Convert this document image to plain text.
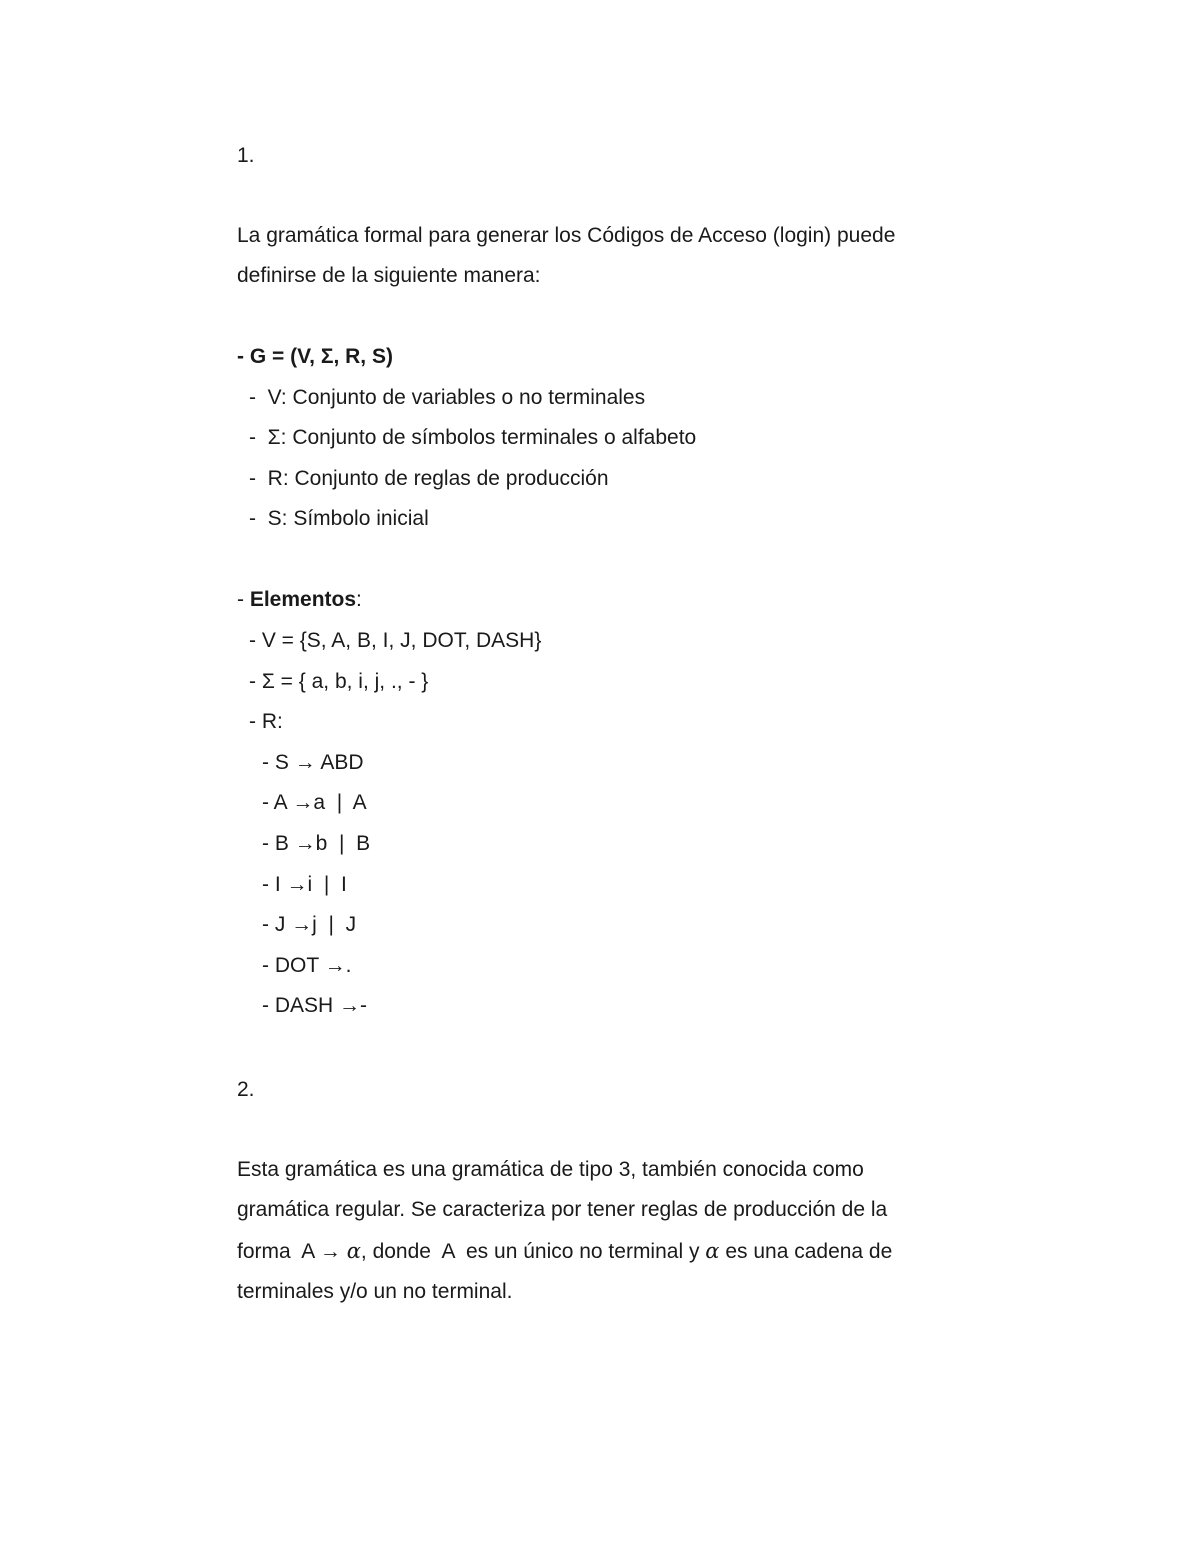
1.
La gramática formal para generar los Códigos de Acceso (login) puede
definirse de la siguiente manera:
- G = (V, Σ, R, S)
-  V: Conjunto de variables o no terminales
-  Σ: Conjunto de símbolos terminales o alfabeto
-  R: Conjunto de reglas de producción
-  S: Símbolo inicial
- Elementos:
- V = {S, A, B, I, J, DOT, DASH}
- Σ = { a, b, i, j, ., - }
- R:
- S → ABD
- A →a  |  A
- B →b  |  B
- I →i  |  I
- J →j  |  J
- DOT →.
- DASH →-
2.
Esta gramática es una gramática de tipo 3, también conocida como
gramática regular. Se caracteriza por tener reglas de producción de la
forma  A → α, donde  A  es un único no terminal y α es una cadena de
terminales y/o un no terminal.
